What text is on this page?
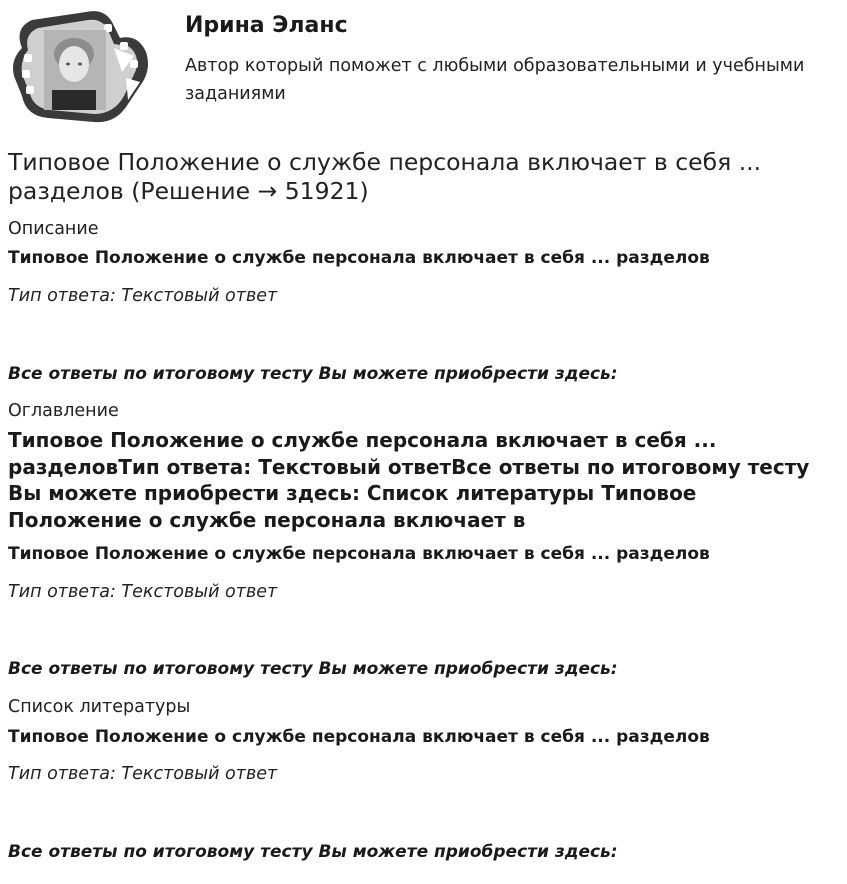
Ирина Эланс
Автор который поможет с любыми образовательными и учебными заданиями
Типовое Положение о службе персонала включает в себя ... разделов (Решение → 51921)
Описание
Типовое Положение о службе персонала включает в себя ... разделов
Тип ответа: Текстовый ответ
Все ответы по итоговому тесту Вы можете приобрести здесь:
Оглавление
Типовое Положение о службе персонала включает в себя ... разделовТип ответа: Текстовый ответВсе ответы по итоговому тесту Вы можете приобрести здесь: Список литературы Типовое Положение о службе персонала включает в
Типовое Положение о службе персонала включает в себя ... разделов
Тип ответа: Текстовый ответ
Все ответы по итоговому тесту Вы можете приобрести здесь:
Список литературы
Типовое Положение о службе персонала включает в себя ... разделов
Тип ответа: Текстовый ответ
Все ответы по итоговому тесту Вы можете приобрести здесь:
